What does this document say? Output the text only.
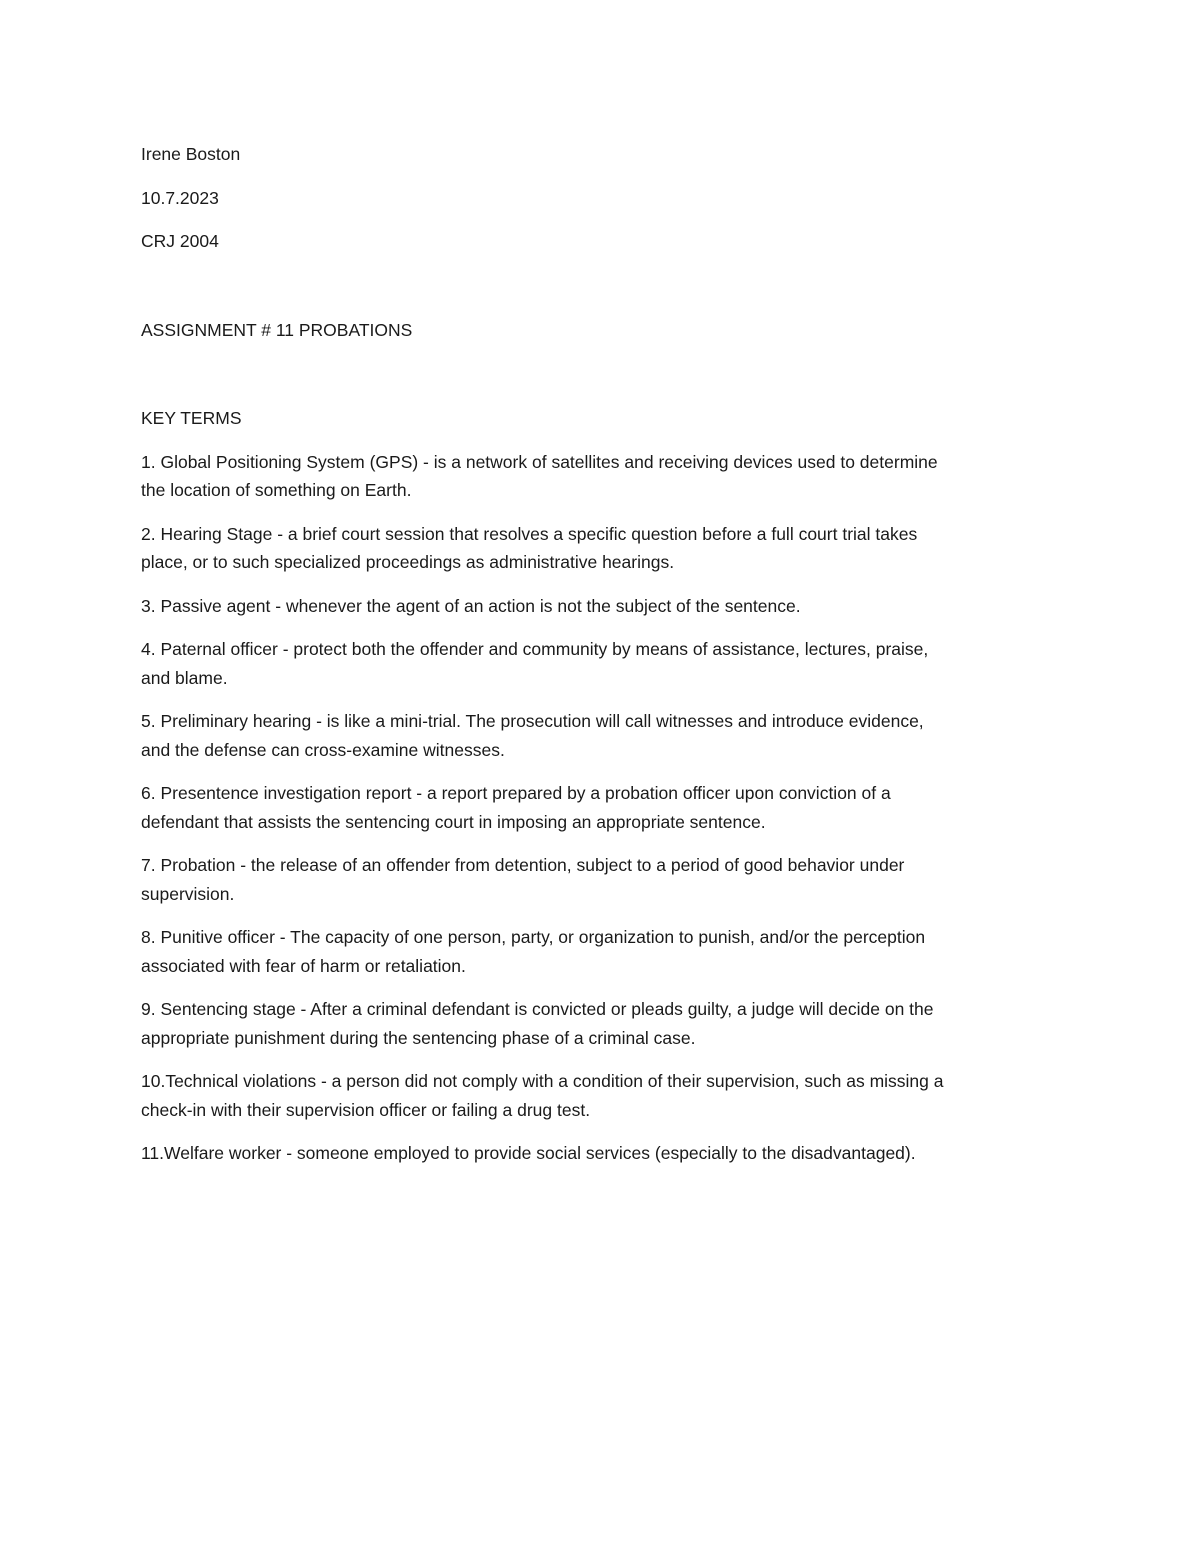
Irene Boston

10.7.2023

CRJ 2004

ASSIGNMENT # 11 PROBATIONS

KEY TERMS

1. Global Positioning System (GPS) - is a network of satellites and receiving devices used to determine
the location of something on Earth.

2. Hearing Stage - a brief court session that resolves a specific question before a full court trial takes
place, or to such specialized proceedings as administrative hearings.

3. Passive agent - whenever the agent of an action is not the subject of the sentence.

4. Paternal officer - protect both the offender and community by means of assistance, lectures, praise,
and blame.

5. Preliminary hearing - is like a mini-trial. The prosecution will call witnesses and introduce evidence,
and the defense can cross-examine witnesses.

6. Presentence investigation report - a report prepared by a probation officer upon conviction of a
defendant that assists the sentencing court in imposing an appropriate sentence.

7. Probation - the release of an offender from detention, subject to a period of good behavior under
supervision.

8. Punitive officer - The capacity of one person, party, or organization to punish, and/or the perception
associated with fear of harm or retaliation.

9. Sentencing stage - After a criminal defendant is convicted or pleads guilty, a judge will decide on the
appropriate punishment during the sentencing phase of a criminal case.

10.Technical violations - a person did not comply with a condition of their supervision, such as missing a
check-in with their supervision officer or failing a drug test.

11.Welfare worker - someone employed to provide social services (especially to the disadvantaged).
